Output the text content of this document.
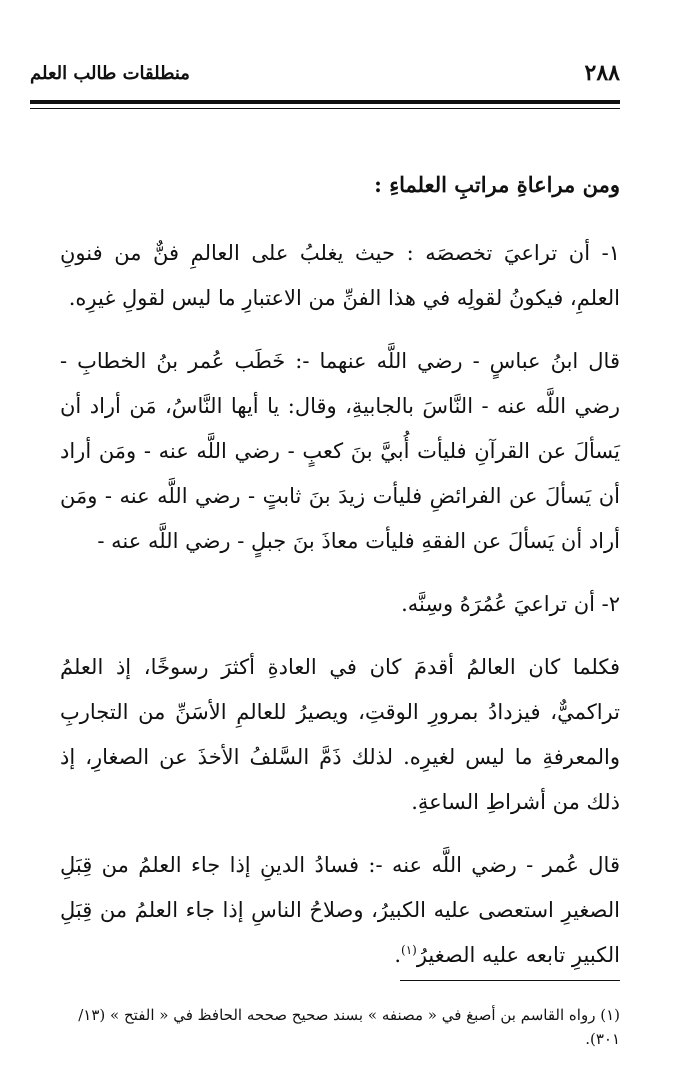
٢٨٨
منطلقات طالب العلم

ومن مراعاةِ مراتبِ العلماءِ :

١- أن تراعيَ تخصصَه : حيث يغلبُ على العالمِ فنٌّ من فنونِ العلمِ، فيكونُ لقولِه في هذا الفنِّ من الاعتبارِ ما ليس لقولِ غيرِه.

قال ابنُ عباسٍ - رضي اللَّه عنهما -: خَطَب عُمر بنُ الخطابِ - رضي اللَّه عنه - النَّاسَ بالجابيةِ، وقال: يا أيها النَّاسُ، مَن أراد أن يَسألَ عن القرآنِ فليأت أُبيَّ بنَ كعبٍ - رضي اللَّه عنه - ومَن أراد أن يَسألَ عن الفرائضِ فليأت زيدَ بنَ ثابتٍ - رضي اللَّه عنه - ومَن أراد أن يَسألَ عن الفقهِ فليأت معاذَ بنَ جبلٍ - رضي اللَّه عنه -

٢- أن تراعيَ عُمُرَهُ وسِنَّه.

فكلما كان العالمُ أقدمَ كان في العادةِ أكثرَ رسوخًا، إذ العلمُ تراكميٌّ، فيزدادُ بمرورِ الوقتِ، ويصيرُ للعالمِ الأسَنِّ من التجاربِ والمعرفةِ ما ليس لغيرِه. لذلك ذَمَّ السَّلفُ الأخذَ عن الصغارِ، إذ ذلك من أشراطِ الساعةِ.

قال عُمر - رضي اللَّه عنه -: فسادُ الدينِ إذا جاء العلمُ من قِبَلِ الصغيرِ استعصى عليه الكبيرُ، وصلاحُ الناسِ إذا جاء العلمُ من قِبَلِ الكبيرِ تابعه عليه الصغيرُ$^{(١)}$.

(١) رواه القاسم بن أصبغ في « مصنفه » بسند صحيح صححه الحافظ في « الفتح » (١٣/ ٣٠١).
